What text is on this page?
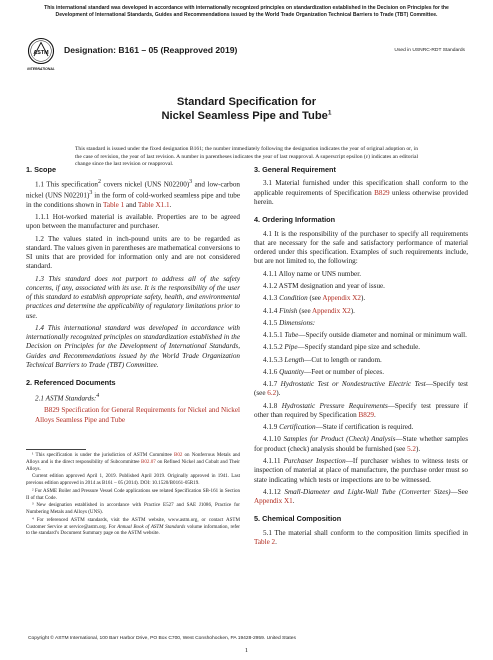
This international standard was developed in accordance with internationally recognized principles on standardization established in the Decision on Principles for the Development of International Standards, Guides and Recommendations issued by the World Trade Organization Technical Barriers to Trade (TBT) Committee.
ASTM
INTERNATIONAL
Designation: B161 – 05 (Reapproved 2019)	Used in USNRC-RDT Standards
Standard Specification for
Nickel Seamless Pipe and Tube$^1$
This standard is issued under the fixed designation B161; the number immediately following the designation indicates the year of original adoption or, in the case of revision, the year of last revision. A number in parentheses indicates the year of last reapproval. A superscript epsilon (ε) indicates an editorial change since the last revision or reapproval.
1. Scope

1.1 This specification$^2$ covers nickel (UNS N02200)$^3$ and low-carbon nickel (UNS N02201)$^3$ in the form of cold-worked seamless pipe and tube in the conditions shown in Table 1 and Table X1.1.

1.1.1 Hot-worked material is available. Properties are to be agreed upon between the manufacturer and purchaser.

1.2 The values stated in inch-pound units are to be regarded as standard. The values given in parentheses are mathematical conversions to SI units that are provided for information only and are not considered standard.

1.3 This standard does not purport to address all of the safety concerns, if any, associated with its use. It is the responsibility of the user of this standard to establish appropriate safety, health, and environmental practices and determine the applicability of regulatory limitations prior to use.

1.4 This international standard was developed in accordance with internationally recognized principles on standardization established in the Decision on Principles for the Development of International Standards, Guides and Recommendations issued by the World Trade Organization Technical Barriers to Trade (TBT) Committee.

2. Referenced Documents

2.1 ASTM Standards:$^4$

B829 Specification for General Requirements for Nickel and Nickel Alloys Seamless Pipe and Tube

¹ This specification is under the jurisdiction of ASTM Committee B02 on Nonferrous Metals and Alloys and is the direct responsibility of Subcommittee B02.07 on Refined Nickel and Cobalt and Their Alloys.

Current edition approved April 1, 2019. Published April 2019. Originally approved in 1941. Last previous edition approved in 2014 as B161 – 05 (2014). DOI: 10.1520/B0161-05R19.

² For ASME Boiler and Pressure Vessel Code applications see related Specification SB-161 in Section II of that Code.

³ New designation established in accordance with Practice E527 and SAE J1086, Practice for Numbering Metals and Alloys (UNS).

⁴ For referenced ASTM standards, visit the ASTM website, www.astm.org, or contact ASTM Customer Service at service@astm.org. For Annual Book of ASTM Standards volume information, refer to the standard’s Document Summary page on the ASTM website.

3. General Requirement

3.1 Material furnished under this specification shall conform to the applicable requirements of Specification B829 unless otherwise provided herein.

4. Ordering Information

4.1 It is the responsibility of the purchaser to specify all requirements that are necessary for the safe and satisfactory performance of material ordered under this specification. Examples of such requirements include, but are not limited to, the following:

4.1.1 Alloy name or UNS number.

4.1.2 ASTM designation and year of issue.

4.1.3 Condition (see Appendix X2).

4.1.4 Finish (see Appendix X2).

4.1.5 Dimensions:

4.1.5.1 Tube—Specify outside diameter and nominal or minimum wall.

4.1.5.2 Pipe—Specify standard pipe size and schedule.

4.1.5.3 Length—Cut to length or random.

4.1.6 Quantity—Feet or number of pieces.

4.1.7 Hydrostatic Test or Nondestructive Electric Test—Specify test (see 6.2).

4.1.8 Hydrostatic Pressure Requirements—Specify test pressure if other than required by Specification B829.

4.1.9 Certification—State if certification is required.

4.1.10 Samples for Product (Check) Analysis—State whether samples for product (check) analysis should be furnished (see 5.2).

4.1.11 Purchaser Inspection—If purchaser wishes to witness tests or inspection of material at place of manufacture, the purchase order must so state indicating which tests or inspections are to be witnessed.

4.1.12 Small-Diameter and Light-Wall Tube (Converter Sizes)—See Appendix X1.

5. Chemical Composition

5.1 The material shall conform to the composition limits specified in Table 2.

Copyright © ASTM International, 100 Barr Harbor Drive, PO Box C700, West Conshohocken, PA 19428-2959. United States
1
